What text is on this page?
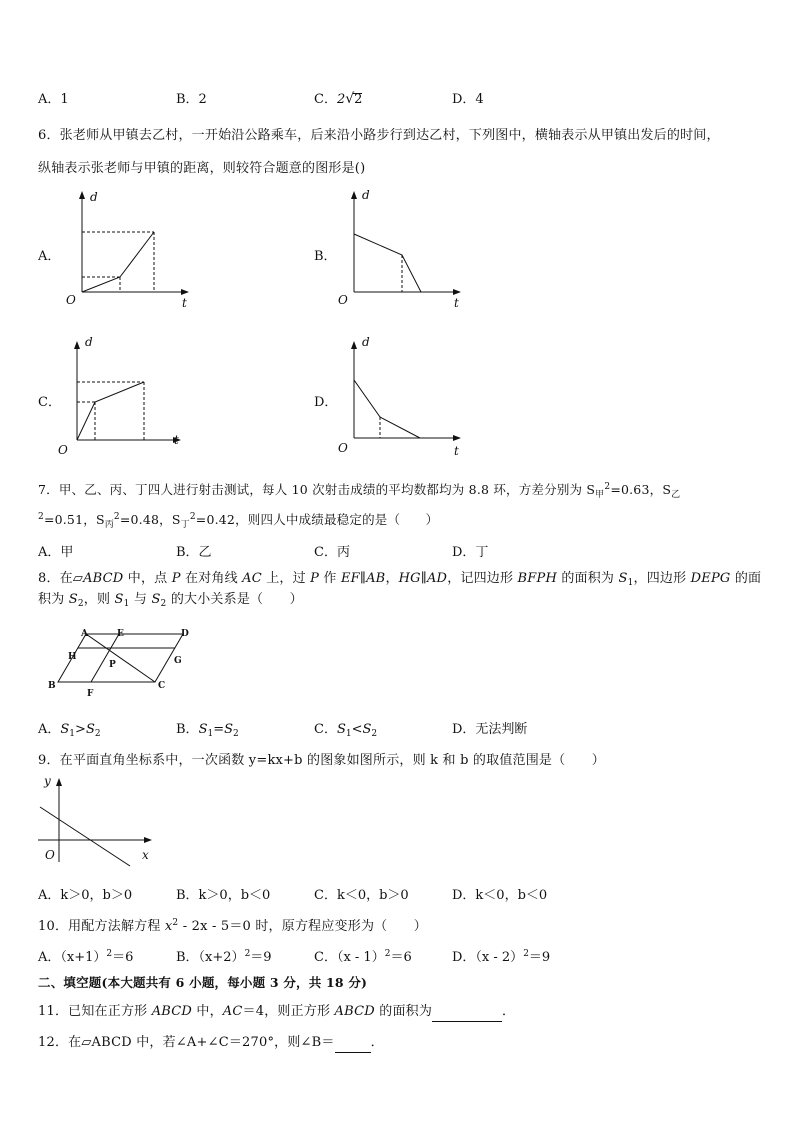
A．1	B．2	C．2√2	D．4
6．张老师从甲镇去乙村，一开始沿公路乘车，后来沿小路步行到达乙村，下列图中，横轴表示从甲镇出发后的时间，
纵轴表示张老师与甲镇的距离，则较符合题意的图形是()
A．	B．
C．	D．
d
t
O
d
t
O
d
t
O
d
t
O
7．甲、乙、丙、丁四人进行射击测试，每人 10 次射击成绩的平均数都均为 8.8 环，方差分别为 $S_甲^2=0.63$，$S_乙$
$^2$=0.51，$S_丙^2=0.48$，$S_丁^2=0.42$，则四人中成绩最稳定的是（　　）
A．甲	B．乙	C．丙	D．丁
8．在▱ABCD 中，点 P 在对角线 AC 上，过 P 作 EF∥AB，HG∥AD，记四边形 BFPH 的面积为 $S_1$，四边形 DEPG 的面
积为 $S_2$，则 $S_1$ 与 $S_2$ 的大小关系是（　　）
A	E	D
H
P	G
B
F
C
A．$S_1>S_2$	B．$S_1=S_2$	C．$S_1<S_2$	D．无法判断
9．在平面直角坐标系中，一次函数 y=kx+b 的图象如图所示，则 k 和 b 的取值范围是（　　）
y
x
O
A．k＞0，b＞0	B．k＞0，b＜0	C．k＜0，b＞0	D．k＜0，b＜0
10．用配方法解方程 $x^2 - 2x - 5=0$ 时，原方程应变形为（　　）
A．$(x+1)^2=6$	B．$(x+2)^2=9$	C．（x - 1）$^2$＝6	D．（x - 2）$^2$＝9
二、填空题(本大题共有 6 小题，每小题 3 分，共 18 分)
11．已知在正方形 ABCD 中，AC＝4，则正方形 ABCD 的面积为	．
12．在▱ABCD 中，若∠A+∠C＝270°，则∠B＝	．
